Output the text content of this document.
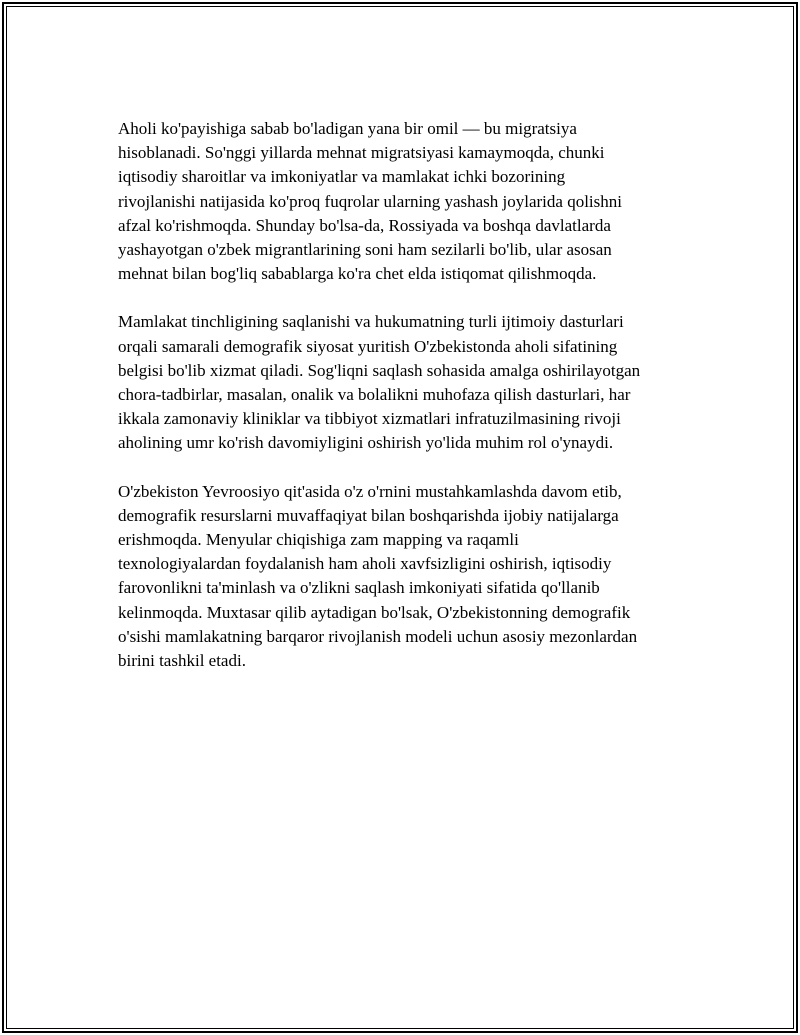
Aholi ko'payishiga sabab bo'ladigan yana bir omil — bu migratsiya
hisoblanadi. So'nggi yillarda mehnat migratsiyasi kamaymoqda, chunki
iqtisodiy sharoitlar va imkoniyatlar va mamlakat ichki bozorining
rivojlanishi natijasida ko'proq fuqrolar ularning yashash joylarida qolishni
afzal ko'rishmoqda. Shunday bo'lsa-da, Rossiyada va boshqa davlatlarda
yashayotgan o'zbek migrantlarining soni ham sezilarli bo'lib, ular asosan
mehnat bilan bog'liq sabablarga ko'ra chet elda istiqomat qilishmoqda.

Mamlakat tinchligining saqlanishi va hukumatning turli ijtimoiy dasturlari
orqali samarali demografik siyosat yuritish O'zbekistonda aholi sifatining
belgisi bo'lib xizmat qiladi. Sog'liqni saqlash sohasida amalga oshirilayotgan
chora-tadbirlar, masalan, onalik va bolalikni muhofaza qilish dasturlari, har
ikkala zamonaviy kliniklar va tibbiyot xizmatlari infratuzilmasining rivoji
aholining umr ko'rish davomiyligini oshirish yo'lida muhim rol o'ynaydi.

O'zbekiston Yevroosiyo qit'asida o'z o'rnini mustahkamlashda davom etib,
demografik resurslarni muvaffaqiyat bilan boshqarishda ijobiy natijalarga
erishmoqda. Menyular chiqishiga zam mapping va raqamli
texnologiyalardan foydalanish ham aholi xavfsizligini oshirish, iqtisodiy
farovonlikni ta'minlash va o'zlikni saqlash imkoniyati sifatida qo'llanib
kelinmoqda. Muxtasar qilib aytadigan bo'lsak, O'zbekistonning demografik
o'sishi mamlakatning barqaror rivojlanish modeli uchun asosiy mezonlardan
birini tashkil etadi.
